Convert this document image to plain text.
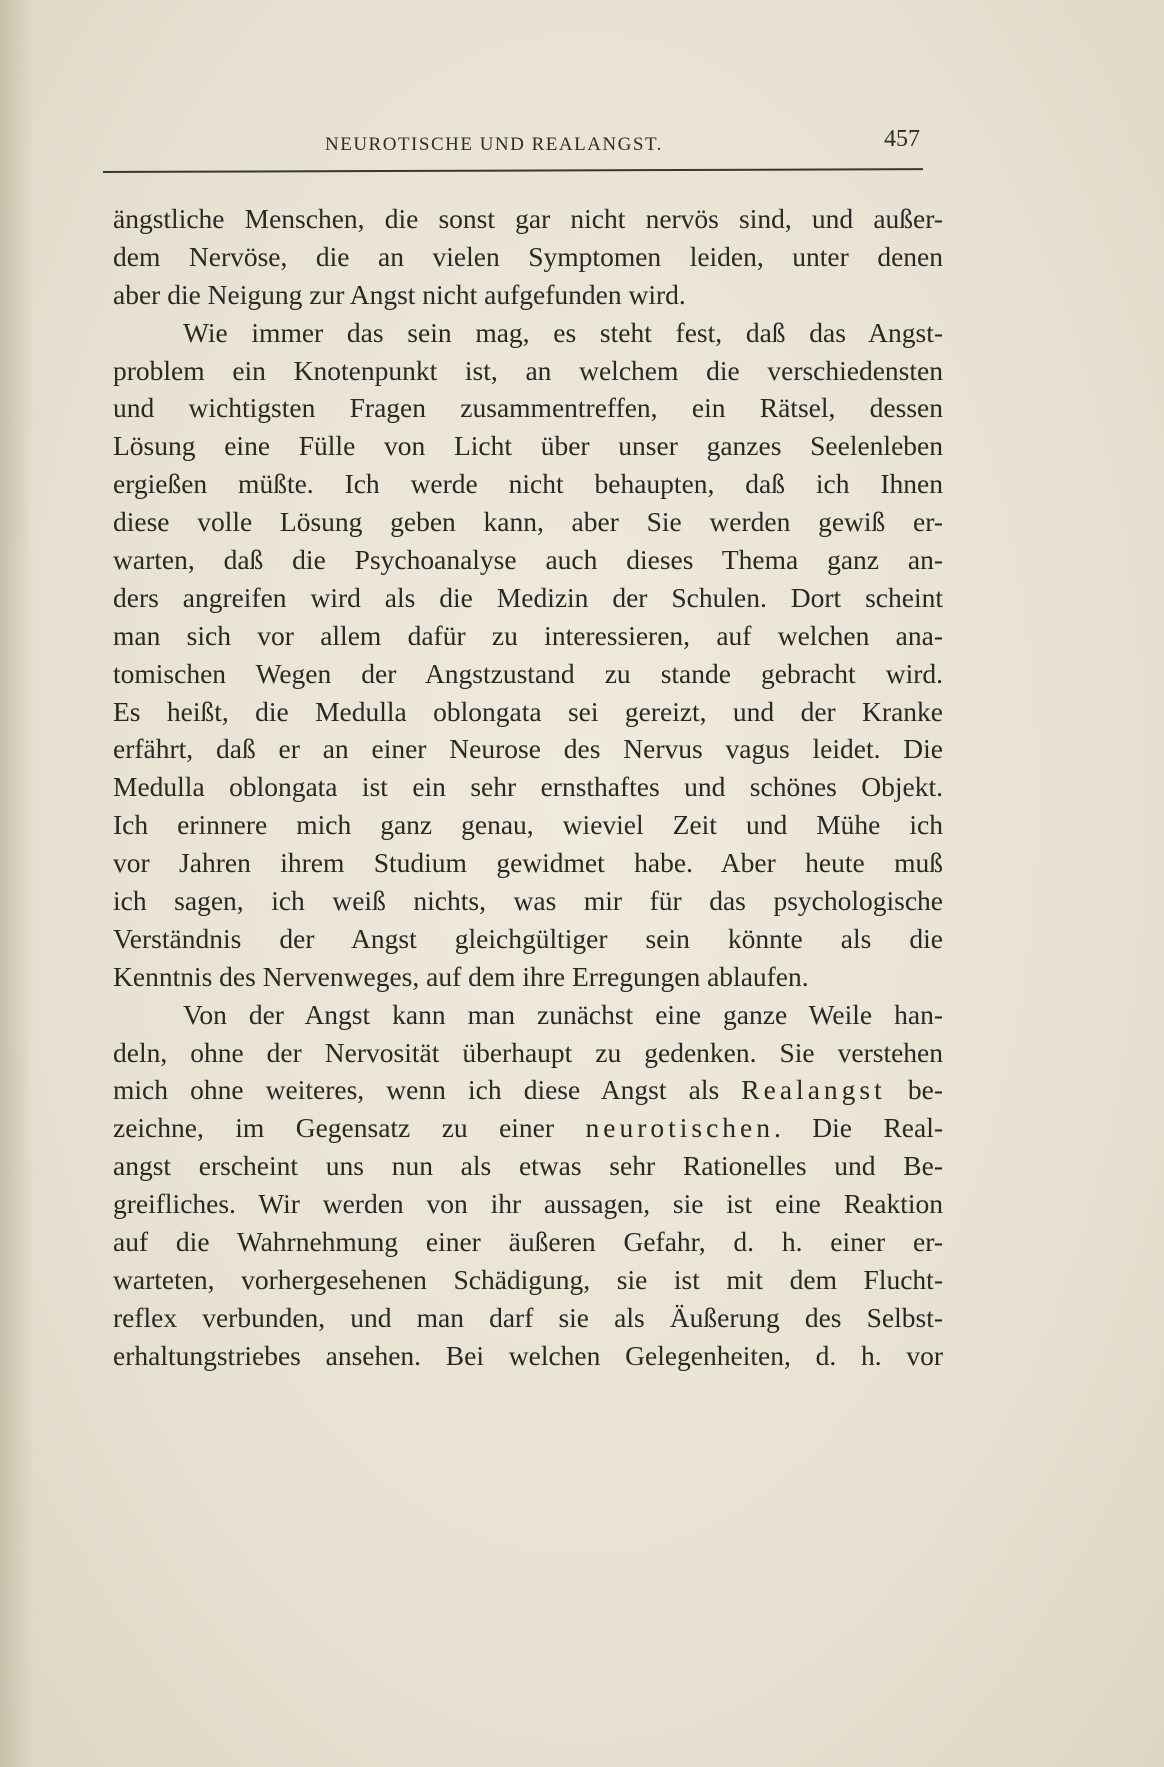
NEUROTISCHE UND REALANGST.	457
ängstliche Menschen, die sonst gar nicht nervös sind, und außer-
dem Nervöse, die an vielen Symptomen leiden, unter denen
aber die Neigung zur Angst nicht aufgefunden wird.
Wie immer das sein mag, es steht fest, daß das Angst-
problem ein Knotenpunkt ist, an welchem die verschiedensten
und wichtigsten Fragen zusammentreffen, ein Rätsel, dessen
Lösung eine Fülle von Licht über unser ganzes Seelenleben
ergießen müßte. Ich werde nicht behaupten, daß ich Ihnen
diese volle Lösung geben kann, aber Sie werden gewiß er-
warten, daß die Psychoanalyse auch dieses Thema ganz an-
ders angreifen wird als die Medizin der Schulen. Dort scheint
man sich vor allem dafür zu interessieren, auf welchen ana-
tomischen Wegen der Angstzustand zu stande gebracht wird.
Es heißt, die Medulla oblongata sei gereizt, und der Kranke
erfährt, daß er an einer Neurose des Nervus vagus leidet. Die
Medulla oblongata ist ein sehr ernsthaftes und schönes Objekt.
Ich erinnere mich ganz genau, wieviel Zeit und Mühe ich
vor Jahren ihrem Studium gewidmet habe. Aber heute muß
ich sagen, ich weiß nichts, was mir für das psychologische
Verständnis der Angst gleichgültiger sein könnte als die
Kenntnis des Nervenweges, auf dem ihre Erregungen ablaufen.
Von der Angst kann man zunächst eine ganze Weile han-
deln, ohne der Nervosität überhaupt zu gedenken. Sie verstehen
mich ohne weiteres, wenn ich diese Angst als Realangst be-
zeichne, im Gegensatz zu einer neurotischen. Die Real-
angst erscheint uns nun als etwas sehr Rationelles und Be-
greifliches. Wir werden von ihr aussagen, sie ist eine Reaktion
auf die Wahrnehmung einer äußeren Gefahr, d. h. einer er-
warteten, vorhergesehenen Schädigung, sie ist mit dem Flucht-
reflex verbunden, und man darf sie als Äußerung des Selbst-
erhaltungstriebes ansehen. Bei welchen Gelegenheiten, d. h. vor
